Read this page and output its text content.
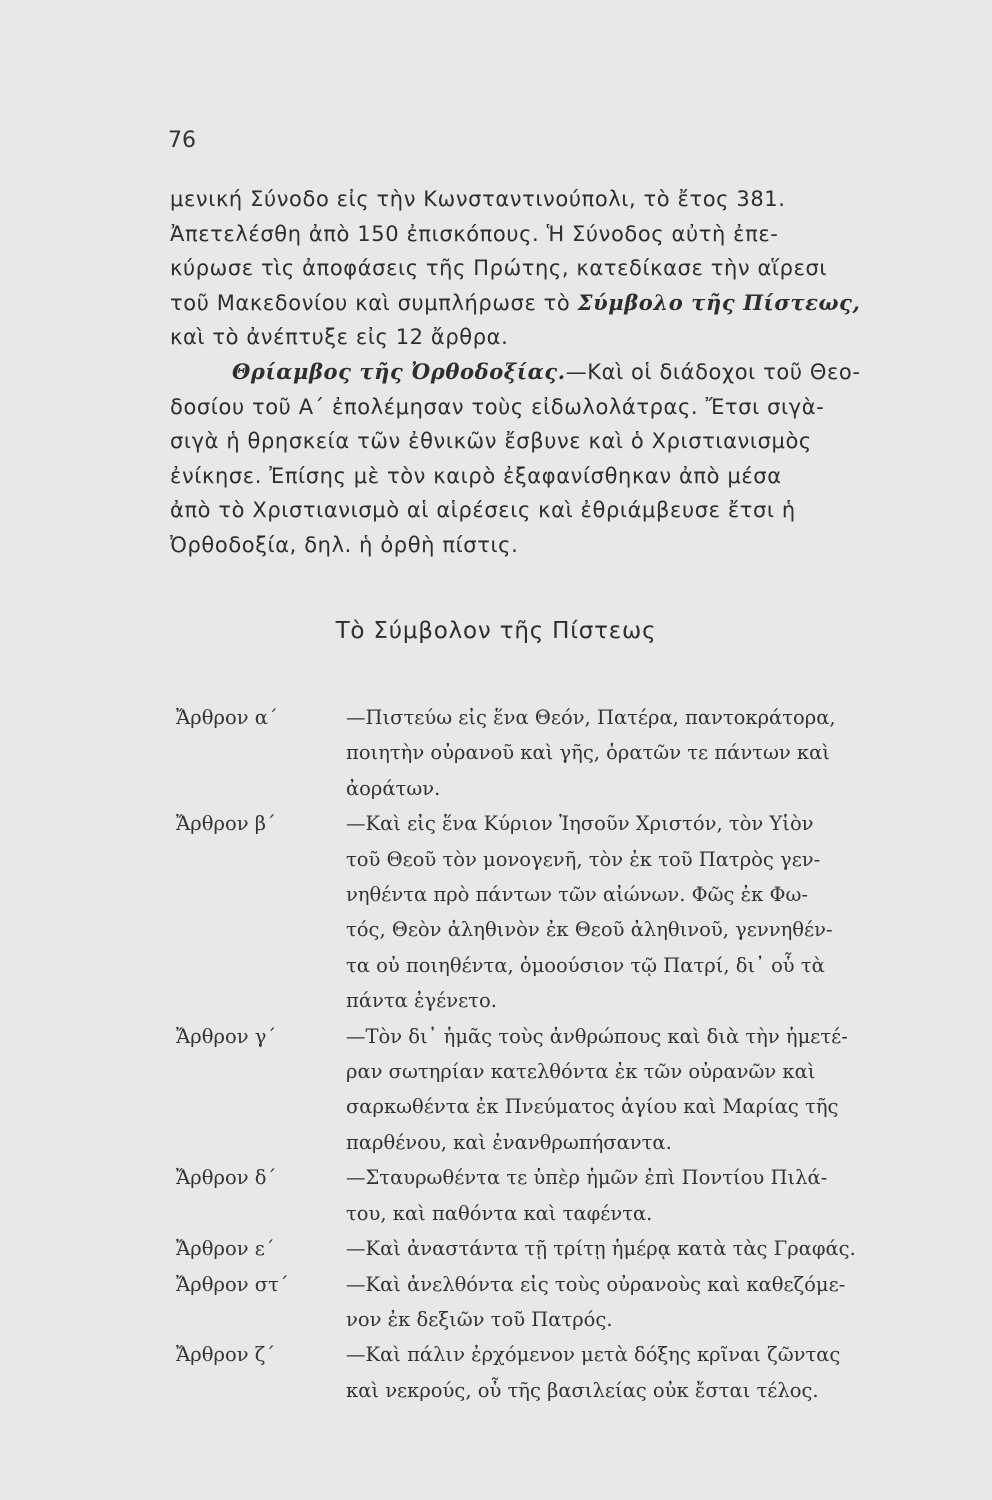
76
μενική Σύνοδο εἰς τὴν Κωνσταντινούπολι, τὸ ἔτος 381.
Ἀπετελέσθη ἀπὸ 150 ἐπισκόπους. Ἡ Σύνοδος αὐτὴ ἐπε-
κύρωσε τὶς ἀποφάσεις τῆς Πρώτης, κατεδίκασε τὴν αἵρεσι
τοῦ Μακεδονίου καὶ συμπλήρωσε τὸ Σύμβολο τῆς Πίστεως,
καὶ τὸ ἀνέπτυξε εἰς 12 ἄρθρα.
Θρίαμβος τῆς Ὀρθοδοξίας.—Καὶ οἱ διάδοχοι τοῦ Θεο-
δοσίου τοῦ Α΄ ἐπολέμησαν τοὺς εἰδωλολάτρας. Ἔτσι σιγὰ-
σιγὰ ἡ θρησκεία τῶν ἐθνικῶν ἔσβυνε καὶ ὁ Χριστιανισμὸς
ἐνίκησε. Ἐπίσης μὲ τὸν καιρὸ ἐξαφανίσθηκαν ἀπὸ μέσα
ἀπὸ τὸ Χριστιανισμὸ αἱ αἱρέσεις καὶ ἐθριάμβευσε ἔτσι ἡ
Ὀρθοδοξία, δηλ. ἡ ὀρθὴ πίστις.
Τὸ Σύμβολον τῆς Πίστεως
Ἄρθρον α΄	—Πιστεύω εἰς ἕνα Θεόν, Πατέρα, παντοκράτορα,
ποιητὴν οὐρανοῦ καὶ γῆς, ὁρατῶν τε πάντων καὶ
ἀοράτων.
Ἄρθρον β΄	—Καὶ εἰς ἕνα Κύριον Ἰησοῦν Χριστόν, τὸν Υἱὸν
τοῦ Θεοῦ τὸν μονογενῆ, τὸν ἐκ τοῦ Πατρὸς γεν-
νηθέντα πρὸ πάντων τῶν αἰώνων. Φῶς ἐκ Φω-
τός, Θεὸν ἀληθινὸν ἐκ Θεοῦ ἀληθινοῦ, γεννηθέν-
τα οὐ ποιηθέντα, ὁμοούσιον τῷ Πατρί, δι᾿ οὗ τὰ
πάντα ἐγένετο.
Ἄρθρον γ΄	—Τὸν δι᾿ ἡμᾶς τοὺς ἀνθρώπους καὶ διὰ τὴν ἡμετέ-
ραν σωτηρίαν κατελθόντα ἐκ τῶν οὐρανῶν καὶ
σαρκωθέντα ἐκ Πνεύματος ἁγίου καὶ Μαρίας τῆς
παρθένου, καὶ ἐνανθρωπήσαντα.
Ἄρθρον δ΄	—Σταυρωθέντα τε ὑπὲρ ἡμῶν ἐπὶ Ποντίου Πιλά-
του, καὶ παθόντα καὶ ταφέντα.
Ἄρθρον ε΄	—Καὶ ἀναστάντα τῇ τρίτῃ ἡμέρᾳ κατὰ τὰς Γραφάς.
Ἄρθρον στ΄	—Καὶ ἀνελθόντα εἰς τοὺς οὐρανοὺς καὶ καθεζόμε-
νον ἐκ δεξιῶν τοῦ Πατρός.
Ἄρθρον ζ΄	—Καὶ πάλιν ἐρχόμενον μετὰ δόξης κρῖναι ζῶντας
καὶ νεκρούς, οὗ τῆς βασιλείας οὐκ ἔσται τέλος.
